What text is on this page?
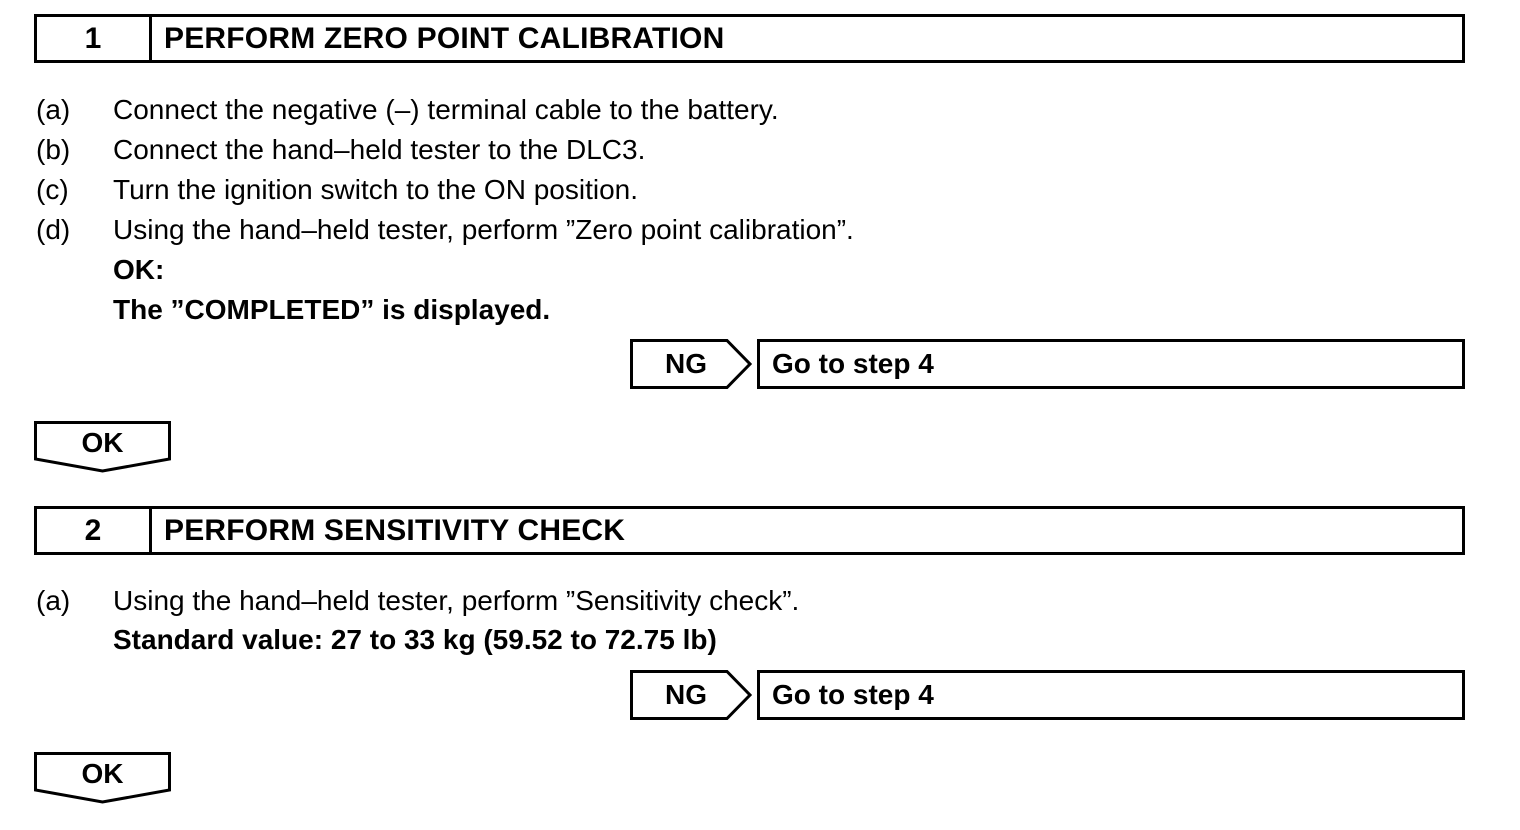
1	PERFORM ZERO POINT CALIBRATION
(a) Connect the negative (–) terminal cable to the battery.
(b) Connect the hand–held tester to the DLC3.
(c) Turn the ignition switch to the ON position.
(d) Using the hand–held tester, perform ”Zero point calibration”.
OK:
The ”COMPLETED” is displayed.
NG	Go to step 4
OK
2	PERFORM SENSITIVITY CHECK
(a) Using the hand–held tester, perform ”Sensitivity check”.
Standard value: 27 to 33 kg (59.52 to 72.75 lb)
NG	Go to step 4
OK
